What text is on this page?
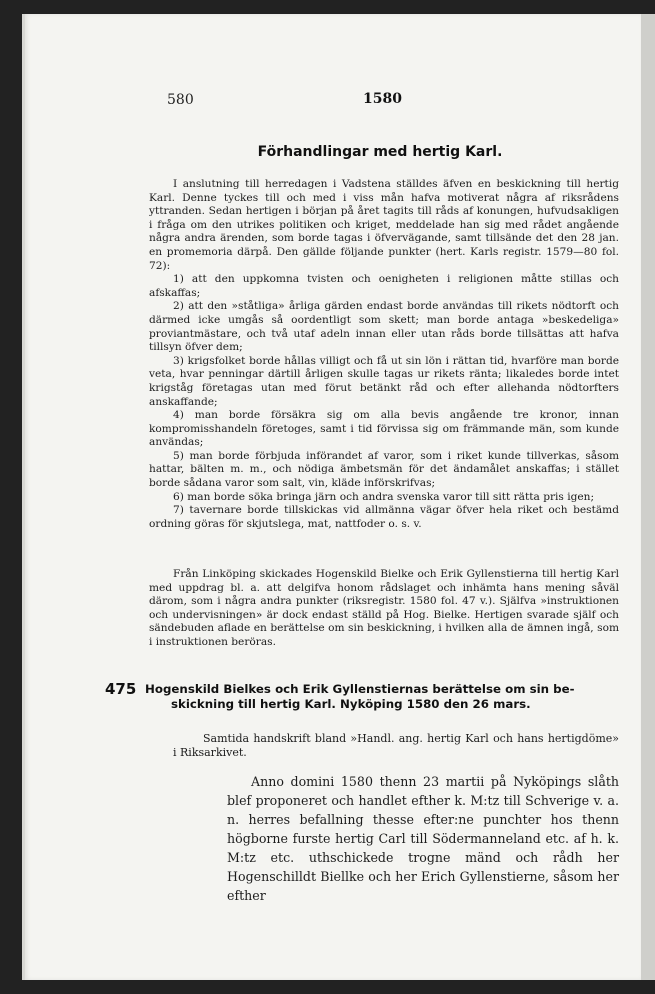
580	1580
Förhandlingar med hertig Karl.

I anslutning till herredagen i Vadstena ställdes äfven en beskickning till hertig Karl. Denne tyckes till och med i viss mån hafva motiverat några af riksrådens yttranden. Sedan hertigen i början på året tagits till råds af konungen, hufvudsakligen i fråga om den utrikes politiken och kriget, meddelade han sig med rådet angående några andra ärenden, som borde tagas i öfvervägande, samt tillsände det den 28 jan. en promemoria därpå. Den gällde följande punkter (hert. Karls registr. 1579—80 fol. 72):

1) att den uppkomna tvisten och oenigheten i religionen måtte stillas och afskaffas;

2) att den »ståtliga» årliga gärden endast borde användas till rikets nödtorft och därmed icke umgås så oordentligt som skett; man borde antaga »beskedeliga» proviantmästare, och två utaf adeln innan eller utan råds borde tillsättas att hafva tillsyn öfver dem;

3) krigsfolket borde hållas villigt och få ut sin lön i rättan tid, hvarföre man borde veta, hvar penningar därtill årligen skulle tagas ur rikets ränta; likaledes borde intet krigståg företagas utan med förut betänkt råd och efter allehanda nödtorfters anskaffande;

4) man borde försäkra sig om alla bevis angående tre kronor, innan kompromisshandeln företoges, samt i tid förvissa sig om främmande män, som kunde användas;

5) man borde förbjuda införandet af varor, som i riket kunde tillverkas, såsom hattar, bälten m. m., och nödiga ämbetsmän för det ändamålet anskaffas; i stället borde sådana varor som salt, vin, kläde införskrifvas;

6) man borde söka bringa järn och andra svenska varor till sitt rätta pris igen;

7) tavernare borde tillskickas vid allmänna vägar öfver hela riket och bestämd ordning göras för skjutslega, mat, nattfoder o. s. v.

Från Linköping skickades Hogenskild Bielke och Erik Gyllenstierna till hertig Karl med uppdrag bl. a. att delgifva honom rådslaget och inhämta hans mening såväl därom, som i några andra punkter (riksregistr. 1580 fol. 47 v.). Själfva »instruktionen och undervisningen» är dock endast ställd på Hog. Bielke. Hertigen svarade själf och sändebuden aflade en berättelse om sin beskickning, i hvilken alla de ämnen ingå, som i instruktionen beröras.

475 Hogenskild Bielkes och Erik Gyllenstiernas berättelse om sin be-
skickning till hertig Karl. Nyköping 1580 den 26 mars.

Samtida handskrift bland »Handl. ang. hertig Karl och hans hertigdöme» i Riksarkivet.

Anno domini 1580 thenn 23 martii på Nyköpings slåth blef proponeret och handlet efther k. M:tz till Schverige v. a. n. herres befallning thesse efter:ne punchter hos thenn högborne furste hertig Carl till Södermanneland etc. af h. k. M:tz etc. uthschickede trogne mänd och rådh her Hogenschilldt Biellke och her Erich Gyllenstierne, såsom her efther
